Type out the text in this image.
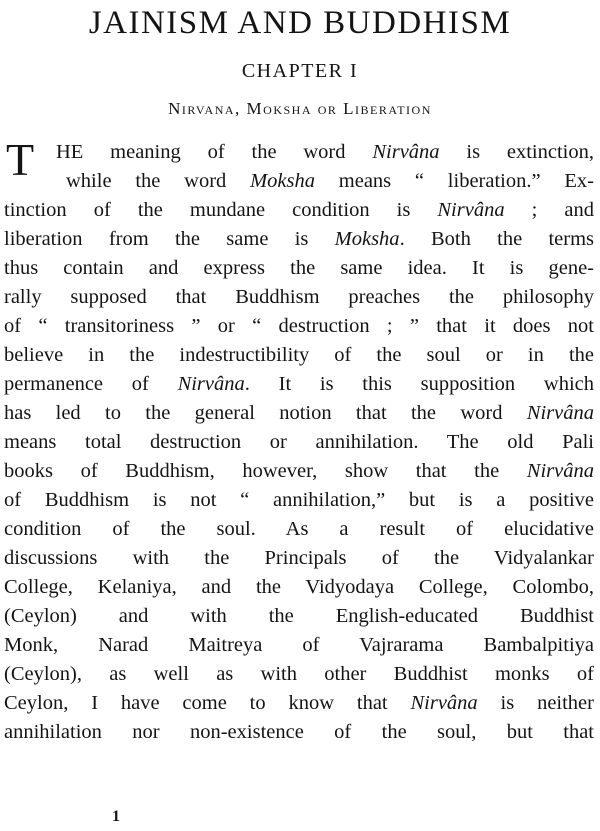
JAINISM AND BUDDHISM
CHAPTER I
Nirvana, Moksha or Liberation
T HE meaning of the word Nirvâna is extinction,
while the word Moksha means “ liberation.” Ex-
tinction of the mundane condition is Nirvâna ; and
liberation from the same is Moksha. Both the terms
thus contain and express the same idea. It is gene-
rally supposed that Buddhism preaches the philosophy
of “ transitoriness ” or “ destruction ; ” that it does not
believe in the indestructibility of the soul or in the
permanence of Nirvâna. It is this supposition which
has led to the general notion that the word Nirvâna
means total destruction or annihilation. The old Pali
books of Buddhism, however, show that the Nirvâna
of Buddhism is not “ annihilation,” but is a positive
condition of the soul. As a result of elucidative
discussions with the Principals of the Vidyalankar
College, Kelaniya, and the Vidyodaya College, Colombo,
(Ceylon) and with the English-educated Buddhist
Monk, Narad Maitreya of Vajrarama Bambalpitiya
(Ceylon), as well as with other Buddhist monks of
Ceylon, I have come to know that Nirvâna is neither
annihilation nor non-existence of the soul, but that
1
